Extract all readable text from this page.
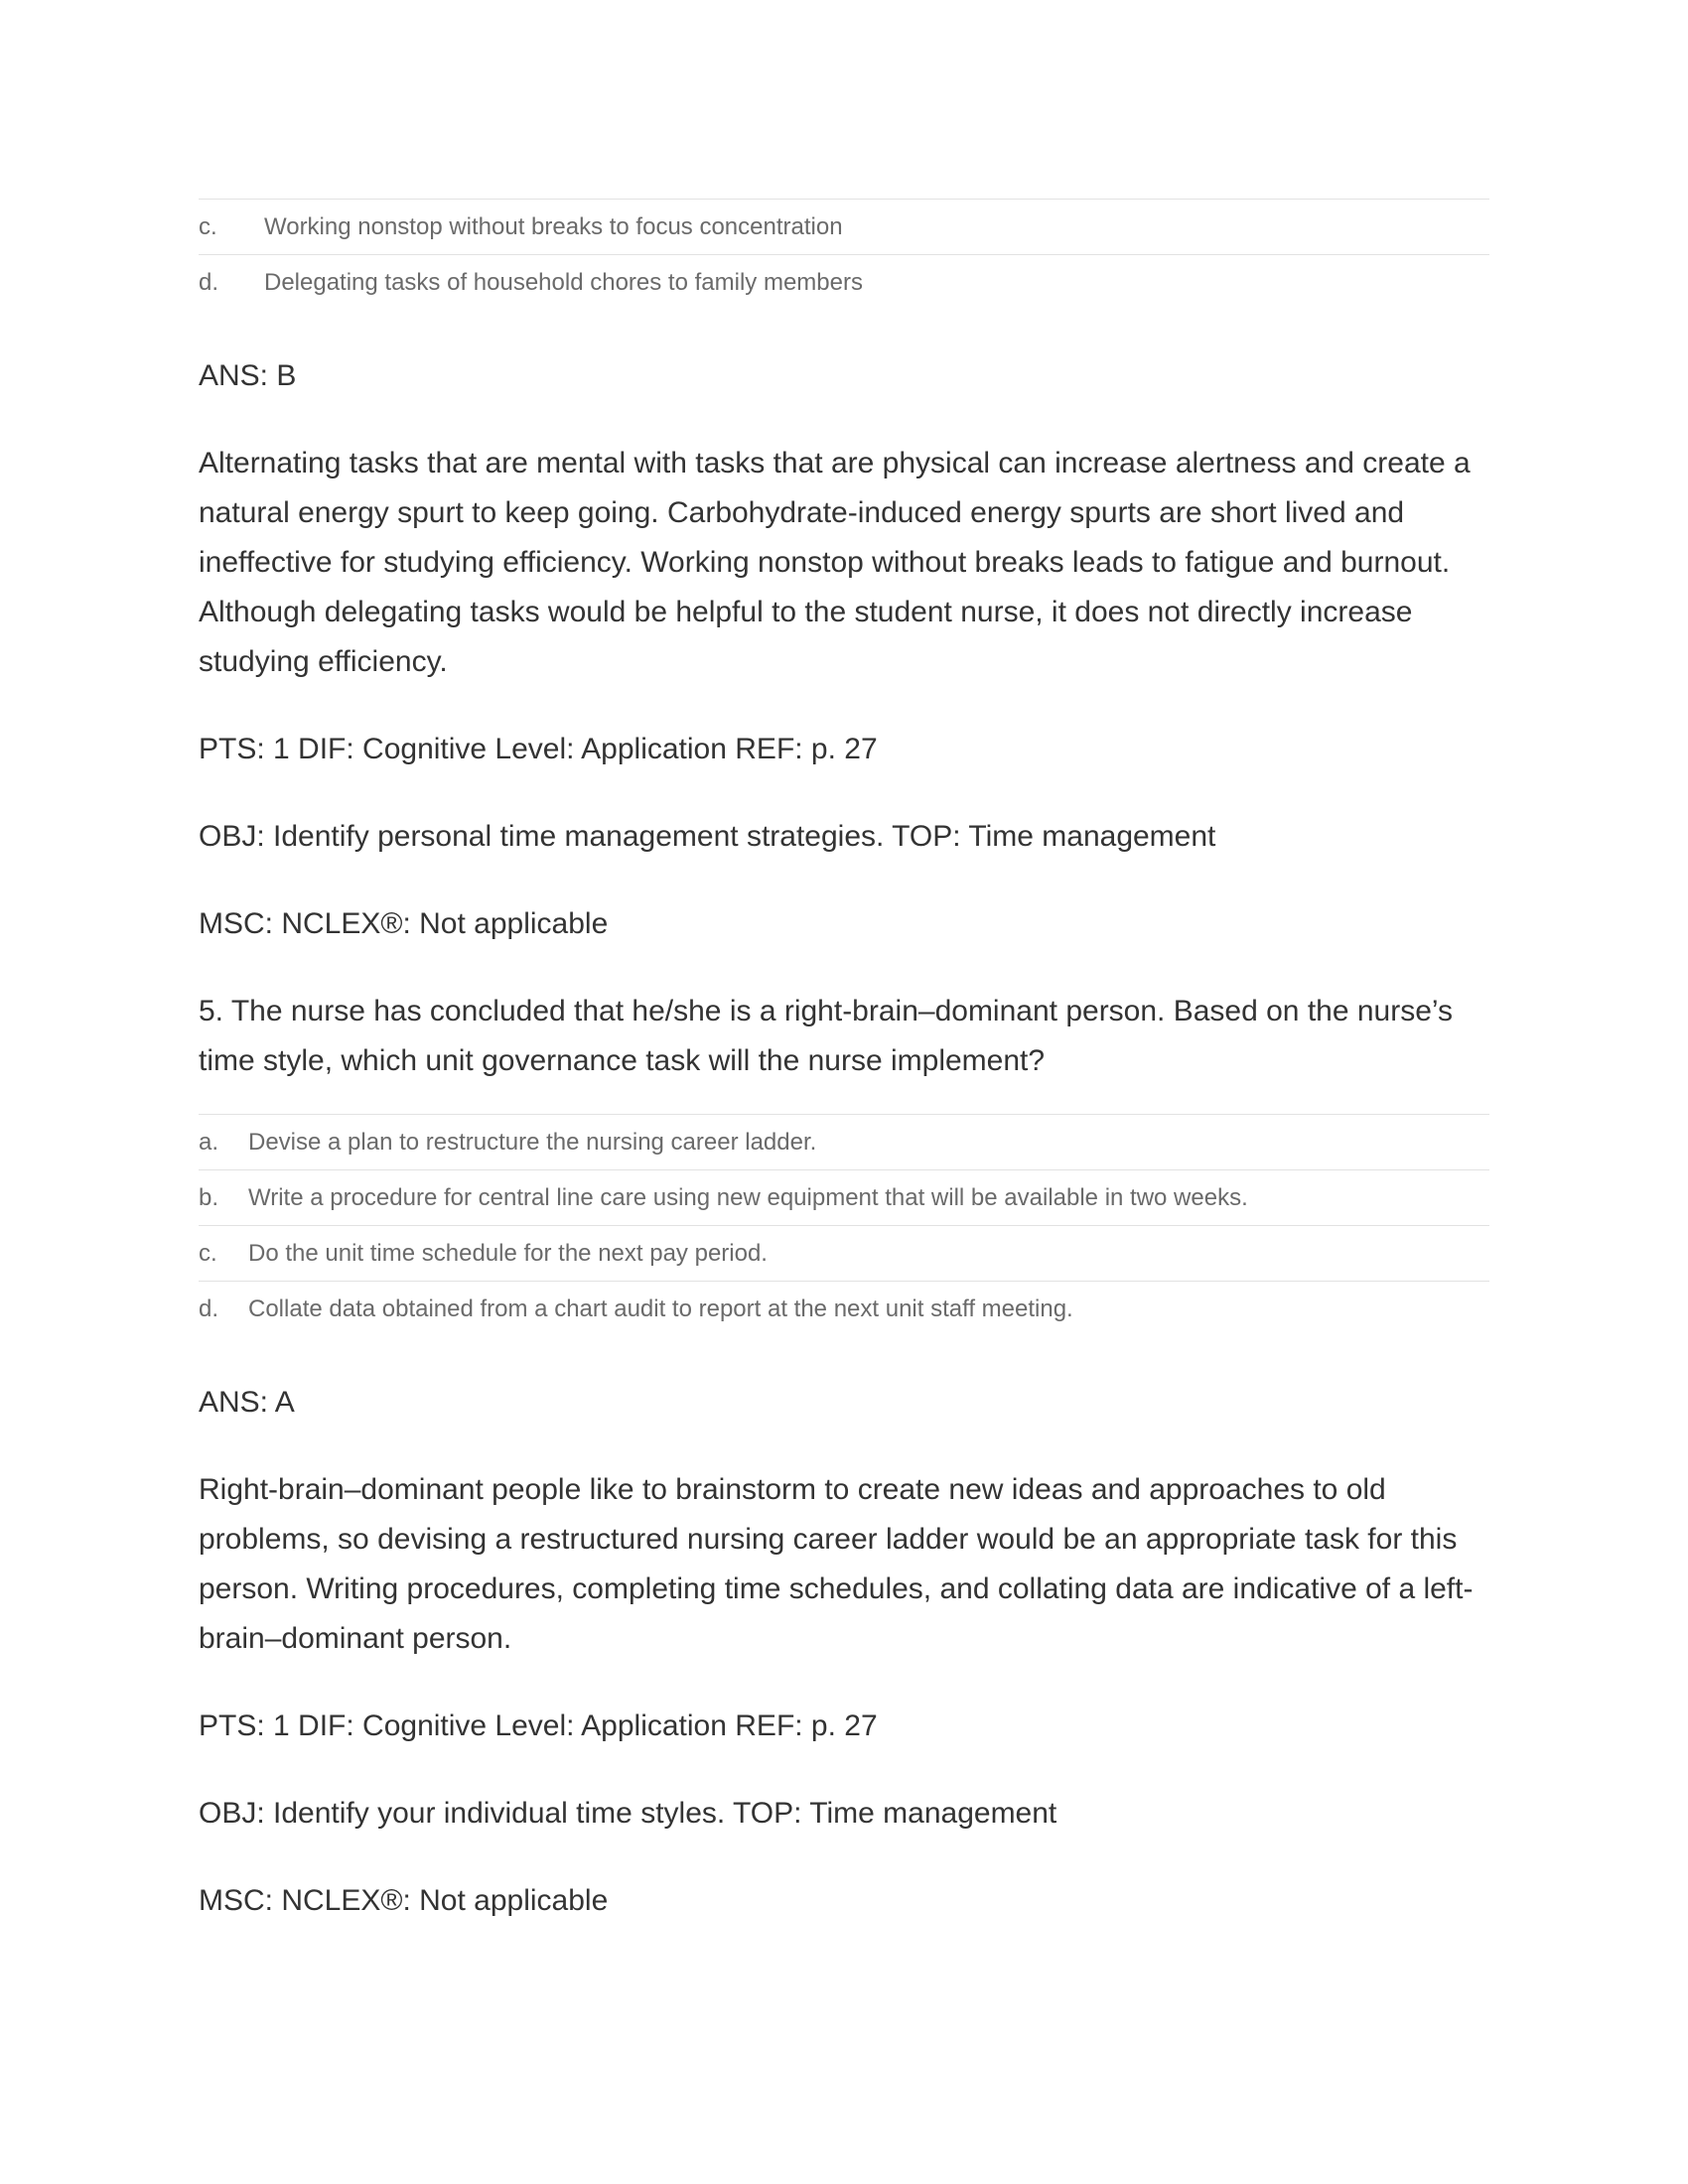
c.	Working nonstop without breaks to focus concentration
d.	Delegating tasks of household chores to family members

ANS: B

Alternating tasks that are mental with tasks that are physical can increase alertness and create a natural energy spurt to keep going. Carbohydrate-induced energy spurts are short lived and ineffective for studying efficiency. Working nonstop without breaks leads to fatigue and burnout. Although delegating tasks would be helpful to the student nurse, it does not directly increase studying efficiency.

PTS: 1 DIF: Cognitive Level: Application REF: p. 27

OBJ: Identify personal time management strategies. TOP: Time management

MSC: NCLEX®: Not applicable

5. The nurse has concluded that he/she is a right-brain–dominant person. Based on the nurse’s time style, which unit governance task will the nurse implement?

a.	Devise a plan to restructure the nursing career ladder.
b.	Write a procedure for central line care using new equipment that will be available in two weeks.
c.	Do the unit time schedule for the next pay period.
d.	Collate data obtained from a chart audit to report at the next unit staff meeting.

ANS: A

Right-brain–dominant people like to brainstorm to create new ideas and approaches to old problems, so devising a restructured nursing career ladder would be an appropriate task for this person. Writing procedures, completing time schedules, and collating data are indicative of a left-brain–dominant person.

PTS: 1 DIF: Cognitive Level: Application REF: p. 27

OBJ: Identify your individual time styles. TOP: Time management

MSC: NCLEX®: Not applicable
